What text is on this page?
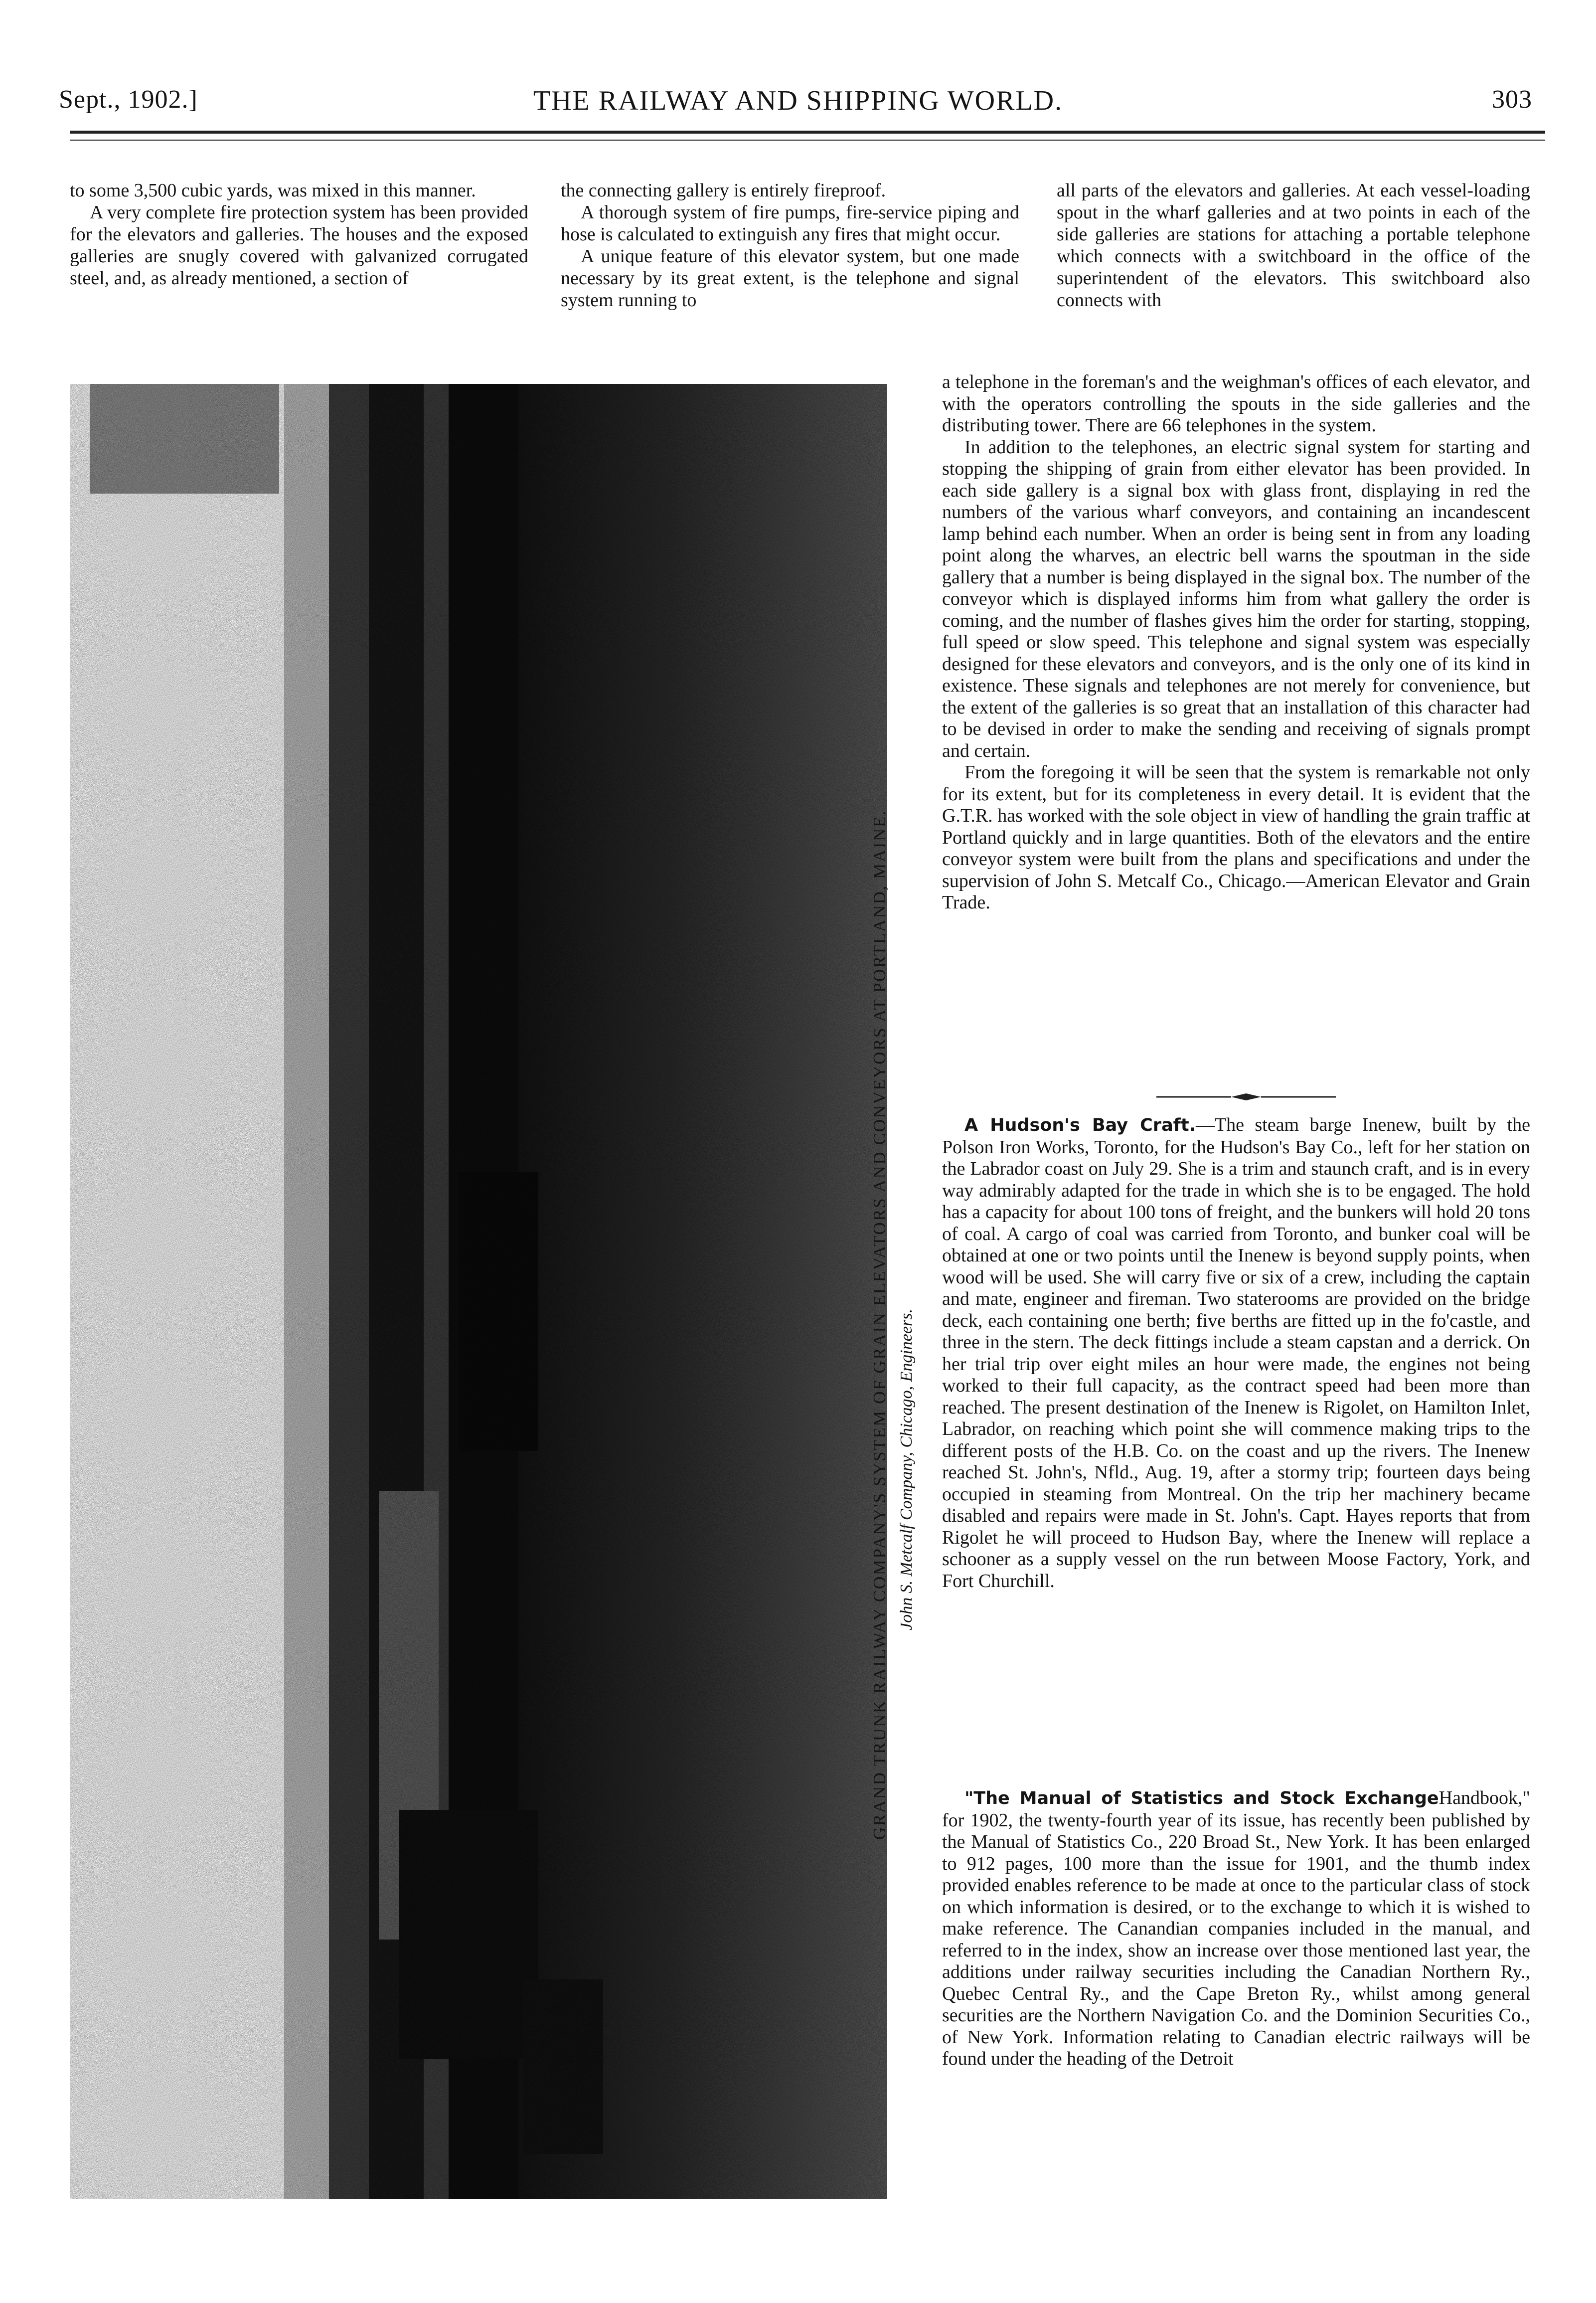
Sept., 1902.]	THE RAILWAY AND SHIPPING WORLD.	303

to some 3,500 cubic yards, was mixed in this manner.

A very complete fire protection system has been provided for the elevators and galleries. The houses and the exposed galleries are snugly covered with galvanized corrugated steel, and, as already mentioned, a section of

the connecting gallery is entirely fireproof.

A thorough system of fire pumps, fire-service piping and hose is calculated to extinguish any fires that might occur.

A unique feature of this elevator system, but one made necessary by its great extent, is the telephone and signal system running to

all parts of the elevators and galleries. At each vessel-loading spout in the wharf galleries and at two points in each of the side galleries are stations for attaching a portable telephone which connects with a switchboard in the office of the superintendent of the elevators. This switchboard also connects with

GRAND TRUNK RAILWAY COMPANY'S SYSTEM OF GRAIN ELEVATORS AND CONVEYORS AT PORTLAND, MAINE. John S. Metcalf Company, Chicago, Engineers.

a telephone in the foreman's and the weighman's offices of each elevator, and with the operators controlling the spouts in the side galleries and the distributing tower. There are 66 telephones in the system.

In addition to the telephones, an electric signal system for starting and stopping the shipping of grain from either elevator has been provided. In each side gallery is a signal box with glass front, displaying in red the numbers of the various wharf conveyors, and containing an incandescent lamp behind each number. When an order is being sent in from any loading point along the wharves, an electric bell warns the spoutman in the side gallery that a number is being displayed in the signal box. The number of the conveyor which is displayed informs him from what gallery the order is coming, and the number of flashes gives him the order for starting, stopping, full speed or slow speed. This telephone and signal system was especially designed for these elevators and conveyors, and is the only one of its kind in existence. These signals and telephones are not merely for convenience, but the extent of the galleries is so great that an installation of this character had to be devised in order to make the sending and receiving of signals prompt and certain.

From the foregoing it will be seen that the system is remarkable not only for its extent, but for its completeness in every detail. It is evident that the G.T.R. has worked with the sole object in view of handling the grain traffic at Portland quickly and in large quantities. Both of the elevators and the entire conveyor system were built from the plans and specifications and under the supervision of John S. Metcalf Co., Chicago.—American Elevator and Grain Trade.

A Hudson's Bay Craft.—The steam barge Inenew, built by the Polson Iron Works, Toronto, for the Hudson's Bay Co., left for her station on the Labrador coast on July 29. She is a trim and staunch craft, and is in every way admirably adapted for the trade in which she is to be engaged. The hold has a capacity for about 100 tons of freight, and the bunkers will hold 20 tons of coal. A cargo of coal was carried from Toronto, and bunker coal will be obtained at one or two points until the Inenew is beyond supply points, when wood will be used. She will carry five or six of a crew, including the captain and mate, engineer and fireman. Two staterooms are provided on the bridge deck, each containing one berth; five berths are fitted up in the fo'castle, and three in the stern. The deck fittings include a steam capstan and a derrick. On her trial trip over eight miles an hour were made, the engines not being worked to their full capacity, as the contract speed had been more than reached. The present destination of the Inenew is Rigolet, on Hamilton Inlet, Labrador, on reaching which point she will commence making trips to the different posts of the H.B. Co. on the coast and up the rivers. The Inenew reached St. John's, Nfld., Aug. 19, after a stormy trip; fourteen days being occupied in steaming from Montreal. On the trip her machinery became disabled and repairs were made in St. John's. Capt. Hayes reports that from Rigolet he will proceed to Hudson Bay, where the Inenew will replace a schooner as a supply vessel on the run between Moose Factory, York, and Fort Churchill.

"The Manual of Statistics and Stock ExchangeHandbook," for 1902, the twenty-fourth year of its issue, has recently been published by the Manual of Statistics Co., 220 Broad St., New York. It has been enlarged to 912 pages, 100 more than the issue for 1901, and the thumb index provided enables reference to be made at once to the particular class of stock on which information is desired, or to the exchange to which it is wished to make reference. The Canandian companies included in the manual, and referred to in the index, show an increase over those mentioned last year, the additions under railway securities including the Canadian Northern Ry., Quebec Central Ry., and the Cape Breton Ry., whilst among general securities are the Northern Navigation Co. and the Dominion Securities Co., of New York. Information relating to Canadian electric railways will be found under the heading of the Detroit
